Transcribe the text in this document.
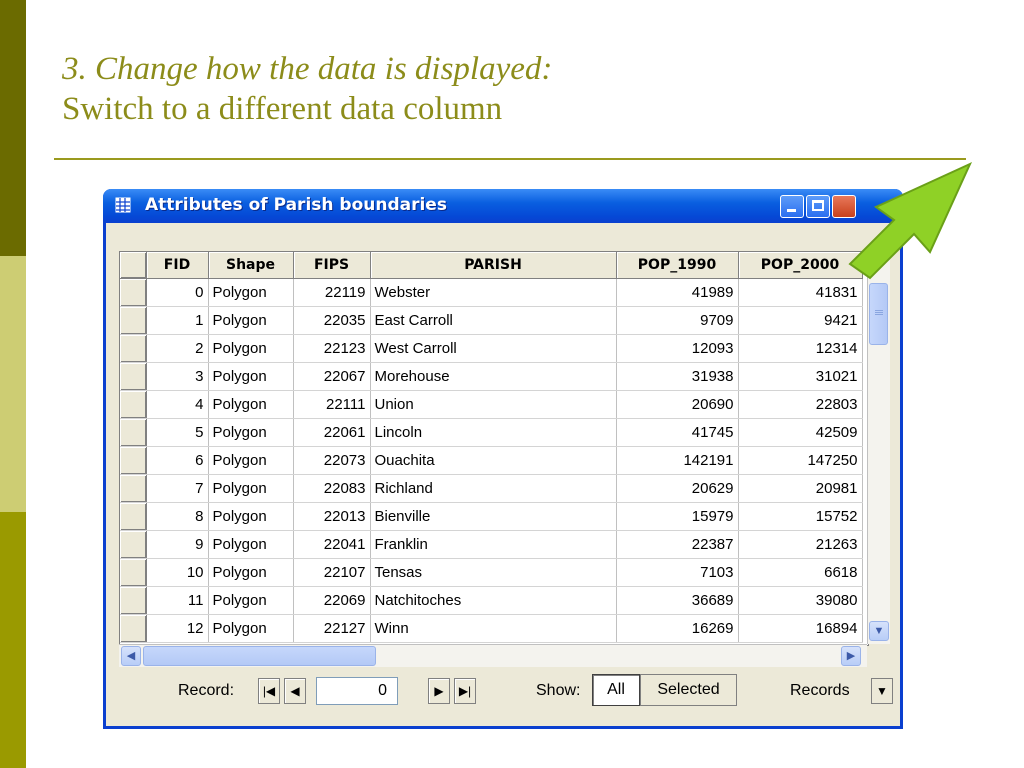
3. Change how the data is displayed:
Switch to a different data column
Attributes of Parish boundaries
	FID	Shape	FIPS	PARISH	POP_1990	POP_2000
	0	Polygon	22119	Webster	41989	41831
	1	Polygon	22035	East Carroll	9709	9421
	2	Polygon	22123	West Carroll	12093	12314
	3	Polygon	22067	Morehouse	31938	31021
	4	Polygon	22111	Union	20690	22803
	5	Polygon	22061	Lincoln	41745	42509
	6	Polygon	22073	Ouachita	142191	147250
	7	Polygon	22083	Richland	20629	20981
	8	Polygon	22013	Bienville	15979	15752
	9	Polygon	22041	Franklin	22387	21263
	10	Polygon	22107	Tensas	7103	6618
	11	Polygon	22069	Natchitoches	36689	39080
	12	Polygon	22127	Winn	16269	16894	▼
◀	▶
Record:	|◀	◀	0	▶	▶|	Show:	All	Selected	Records	▼
